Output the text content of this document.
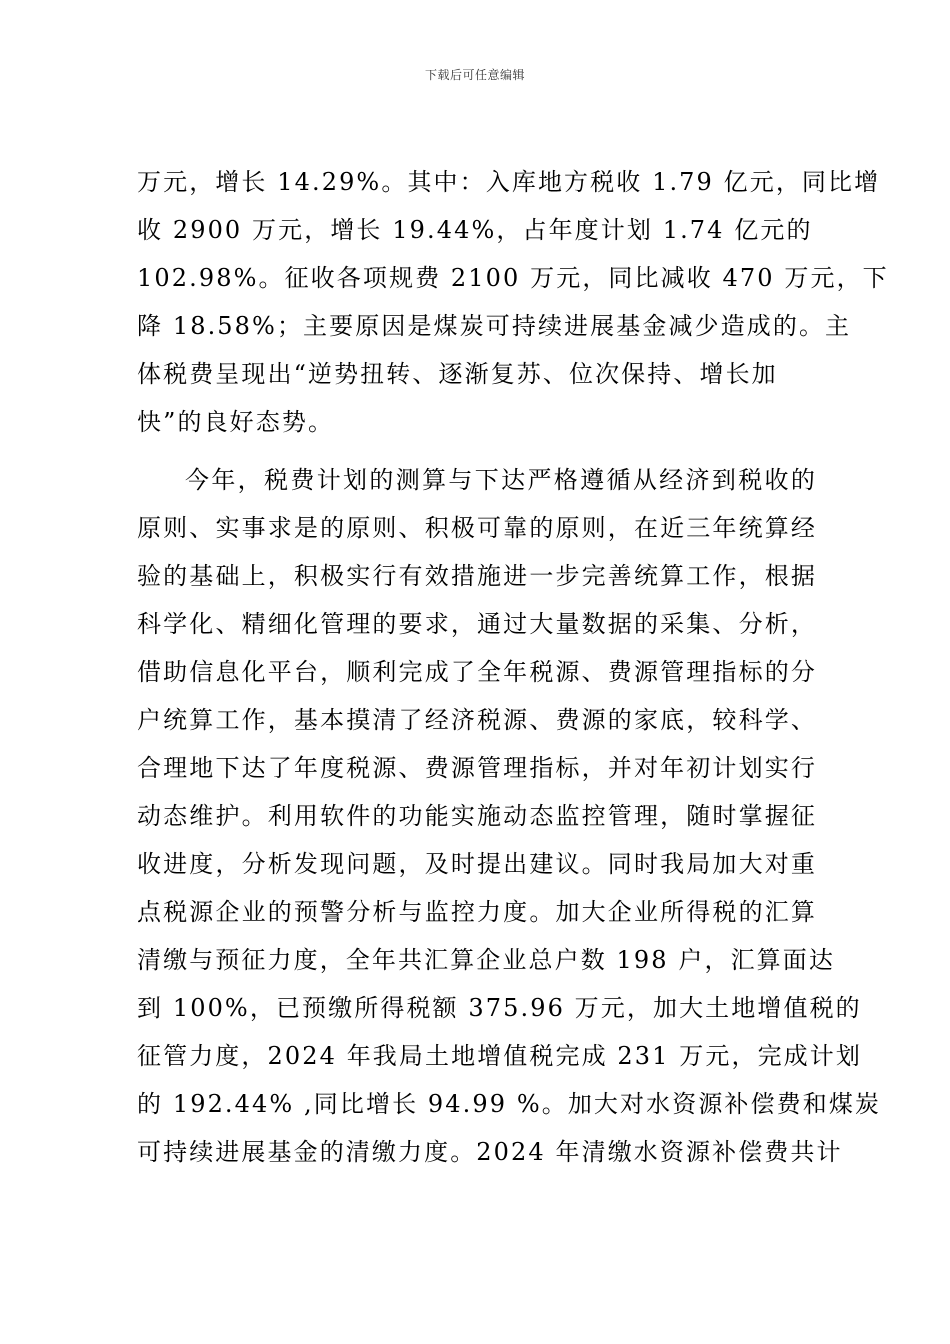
下载后可任意编辑
万元，增长 14.29%。其中：入库地方税收 1.79 亿元，同比增
收 2900 万元，增长 19.44%，占年度计划 1.74 亿元的
102.98%。征收各项规费 2100 万元，同比减收 470 万元，下
降 18.58%；主要原因是煤炭可持续进展基金减少造成的。主
体税费呈现出“逆势扭转、逐渐复苏、位次保持、增长加
快”的良好态势。
今年，税费计划的测算与下达严格遵循从经济到税收的
原则、实事求是的原则、积极可靠的原则，在近三年统算经
验的基础上，积极实行有效措施进一步完善统算工作，根据
科学化、精细化管理的要求，通过大量数据的采集、分析，
借助信息化平台，顺利完成了全年税源、费源管理指标的分
户统算工作，基本摸清了经济税源、费源的家底，较科学、
合理地下达了年度税源、费源管理指标，并对年初计划实行
动态维护。利用软件的功能实施动态监控管理，随时掌握征
收进度，分析发现问题，及时提出建议。同时我局加大对重
点税源企业的预警分析与监控力度。加大企业所得税的汇算
清缴与预征力度，全年共汇算企业总户数 198 户，汇算面达
到 100%，已预缴所得税额 375.96 万元，加大土地增值税的
征管力度，2024 年我局土地增值税完成 231 万元，完成计划
的 192.44% ,同比增长 94.99 %。加大对水资源补偿费和煤炭
可持续进展基金的清缴力度。2024 年清缴水资源补偿费共计
